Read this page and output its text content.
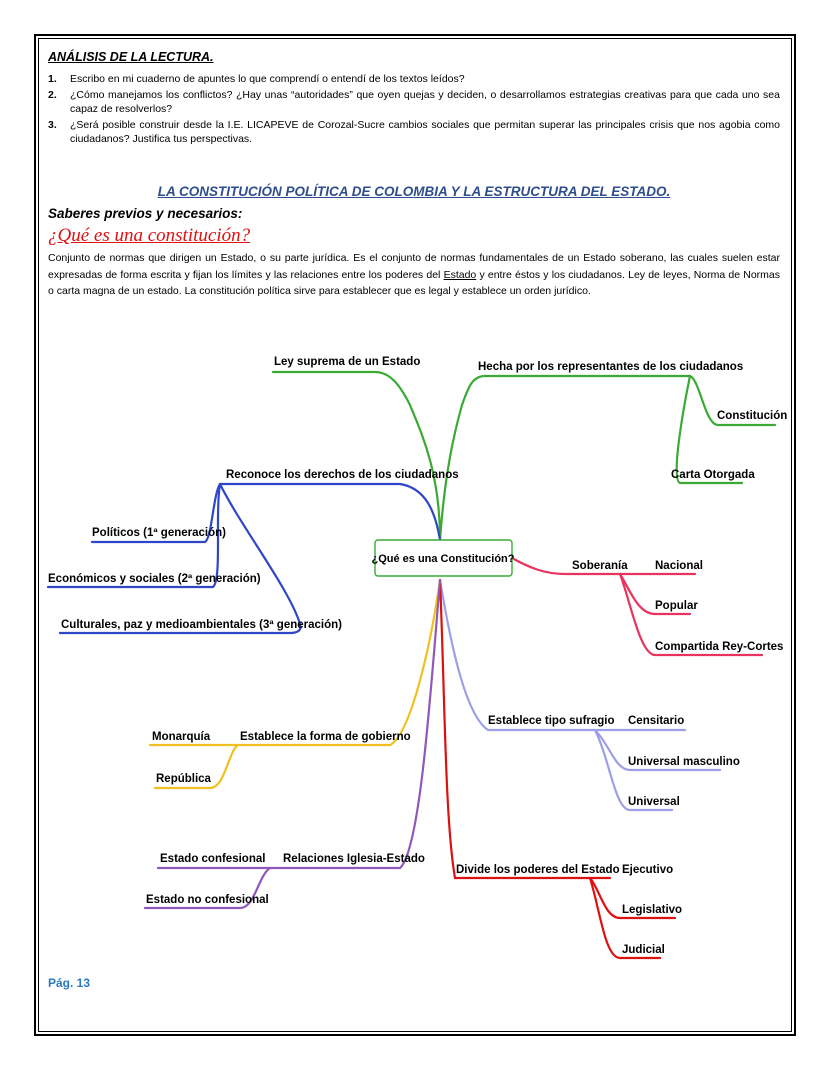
ANÁLISIS DE LA LECTURA.
1. Escribo en mi cuaderno de apuntes lo que comprendí o entendí de los textos leídos?
2. ¿Cómo manejamos los conflictos? ¿Hay unas “autoridades” que oyen quejas y deciden, o desarrollamos estrategias creativas para que cada uno sea capaz de resolverlos?
3. ¿Será posible construir desde la I.E. LICAPEVE de Corozal-Sucre cambios sociales que permitan superar las principales crisis que nos agobia como ciudadanos? Justifica tus perspectivas.
LA CONSTITUCIÓN POLÍTICA DE COLOMBIA Y LA ESTRUCTURA DEL ESTADO.
Saberes previos y necesarios:
¿Qué es una constitución?
Conjunto de normas que dirigen un Estado, o su parte jurídica. Es el conjunto de normas fundamentales de un Estado soberano, las cuales suelen estar expresadas de forma escrita y fijan los límites y las relaciones entre los poderes del Estado y entre éstos y los ciudadanos. Ley de leyes, Norma de Normas o carta magna de un estado. La constitución política sirve para establecer que es legal y establece un orden jurídico.
¿Qué es una Constitución?
Ley suprema de un Estado	Hecha por los representantes de los ciudadanos
Constitución
Carta Otorgada
Reconoce los derechos de los ciudadanos
Políticos (1ª generación)
Económicos y sociales (2ª generación)
Culturales, paz y medioambientales (3ª generación)
Soberanía Nacional
Popular
Compartida Rey-Cortes
Establece tipo sufragio Censitario
Universal masculino
Universal
Establece la forma de gobierno
Monarquía
República
Relaciones Iglesia-Estado
Estado confesional
Estado no confesional
Divide los poderes del Estado Ejecutivo
Legislativo
Judicial
Pág. 13
